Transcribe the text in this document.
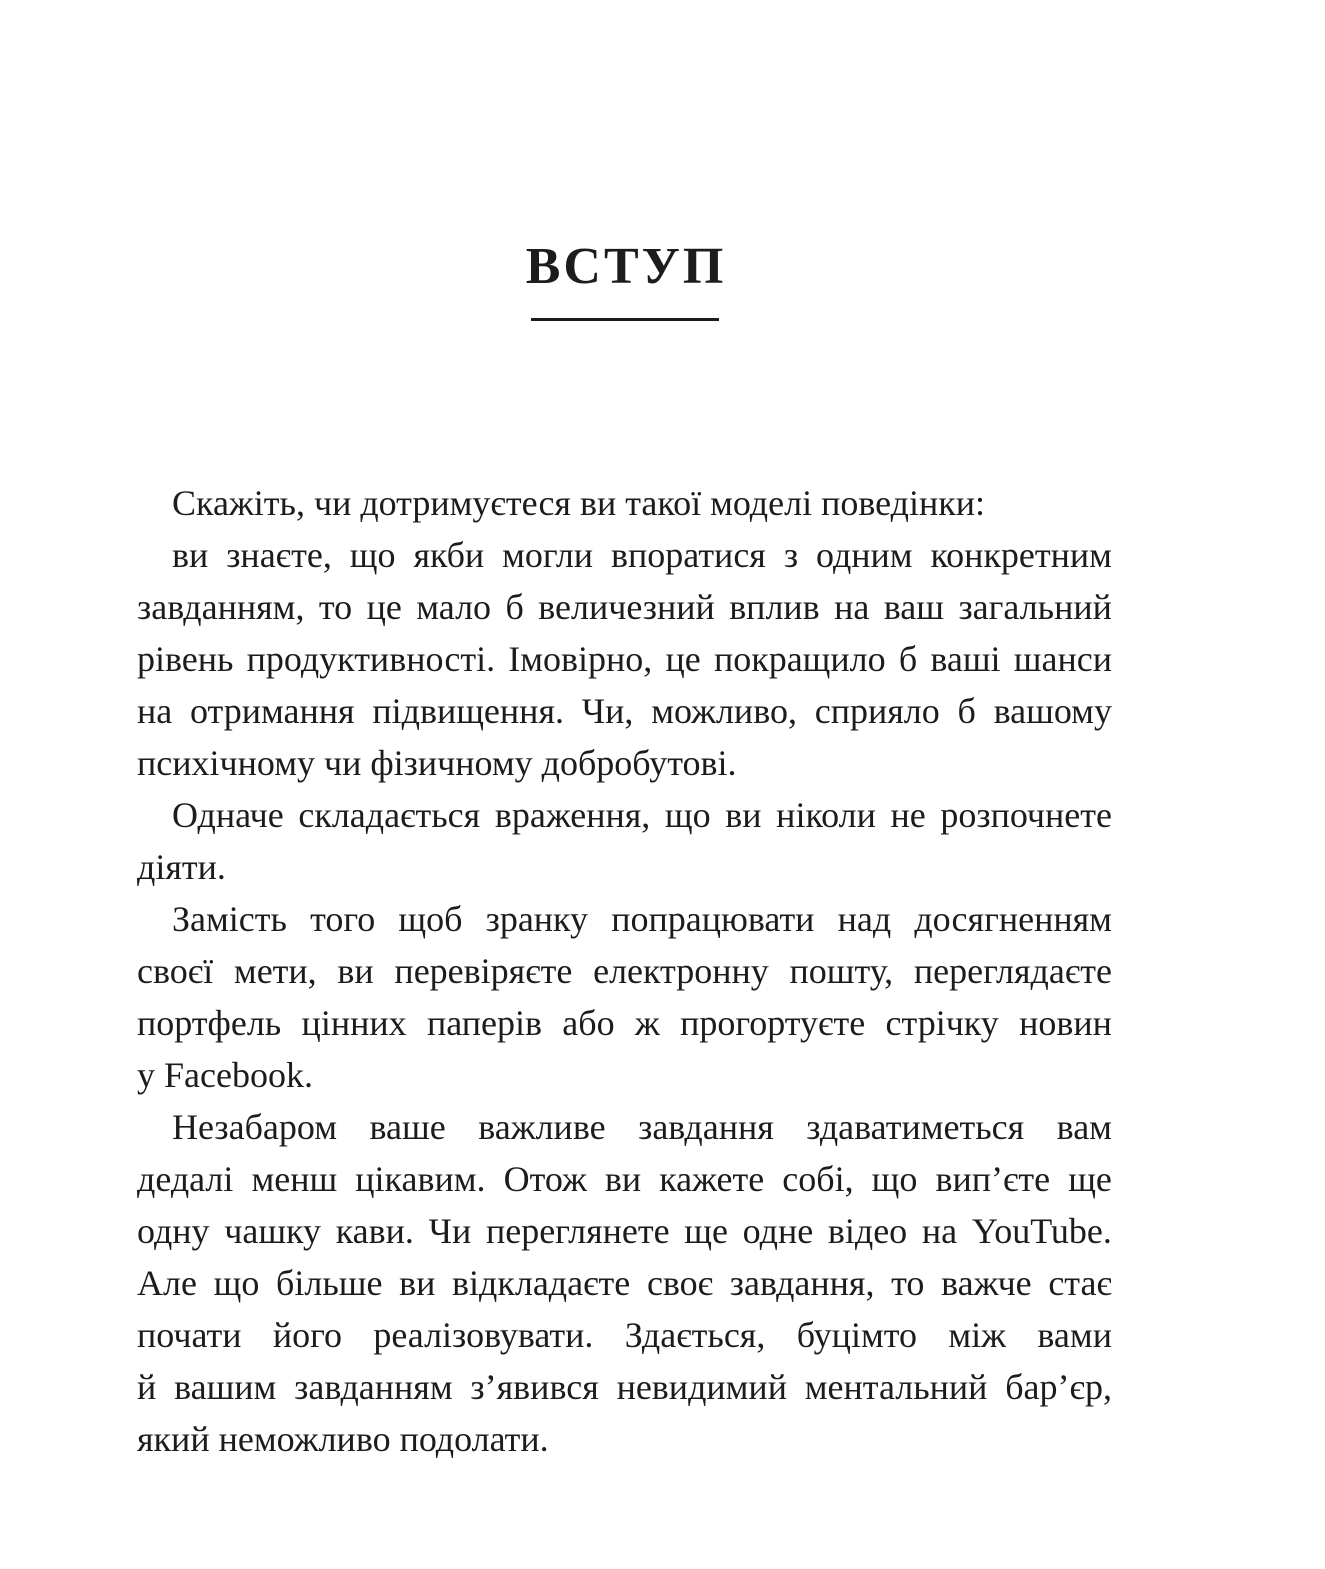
ВСТУП
Скажіть, чи дотримуєтеся ви такої моделі поведінки:
ви знаєте, що якби могли впоратися з одним конкретним
завданням, то це мало б величезний вплив на ваш загальний
рівень продуктивності. Імовірно, це покращило б ваші шанси
на отримання підвищення. Чи, можливо, сприяло б вашому
психічному чи фізичному добробутові.
Одначе складається враження, що ви ніколи не розпочнете
діяти.
Замість того щоб зранку попрацювати над досягненням
своєї мети, ви перевіряєте електронну пошту, переглядаєте
портфель цінних паперів або ж прогортуєте стрічку новин
у Facebook.
Незабаром ваше важливе завдання здаватиметься вам
дедалі менш цікавим. Отож ви кажете собі, що вип’єте ще
одну чашку кави. Чи переглянете ще одне відео на YouTube.
Але що більше ви відкладаєте своє завдання, то важче стає
почати його реалізовувати. Здається, буцімто між вами
й вашим завданням з’явився невидимий ментальний бар’єр,
який неможливо подолати.
